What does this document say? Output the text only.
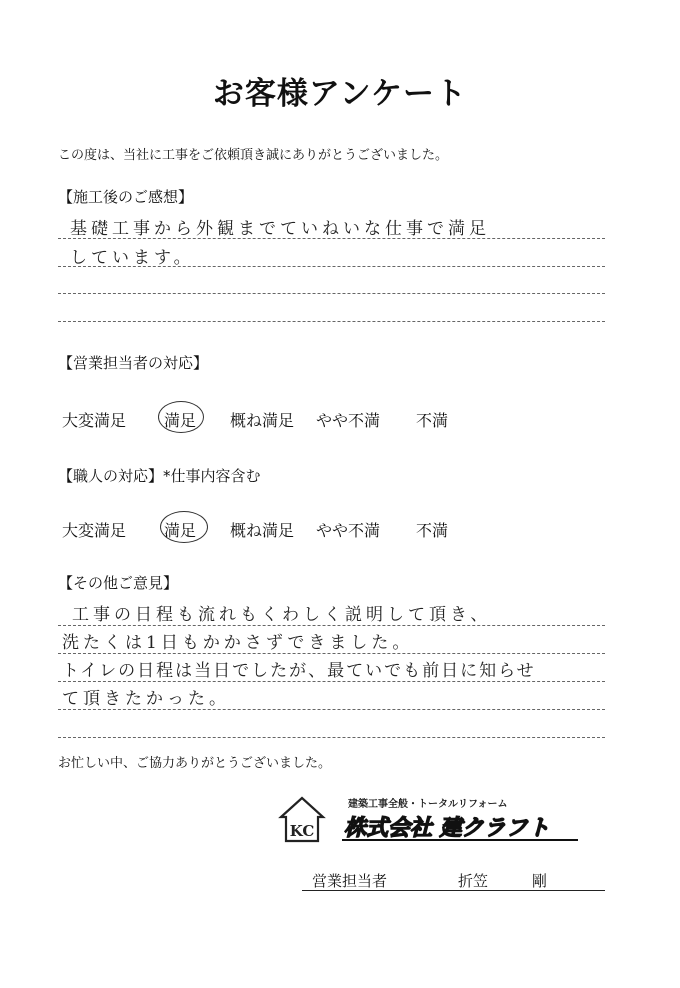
お客様アンケート
この度は、当社に工事をご依頼頂き誠にありがとうございました。
【施工後のご感想】
基礎工事から外観までていねいな仕事で満足
しています。
【営業担当者の対応】
大変満足 満足 概ね満足 やや不満 不満
【職人の対応】*仕事内容含む
大変満足 満足 概ね満足 やや不満 不満
【その他ご意見】
工事の日程も流れもくわしく説明して頂き、
洗たくは1日もかかさずできました。
トイレの日程は当日でしたが、最ていでも前日に知らせ
て頂きたかった。
お忙しい中、ご協力ありがとうございました。
KC
建築工事全般・トータルリフォーム
株式会社 建クラフト
営業担当者	折笠	剛
